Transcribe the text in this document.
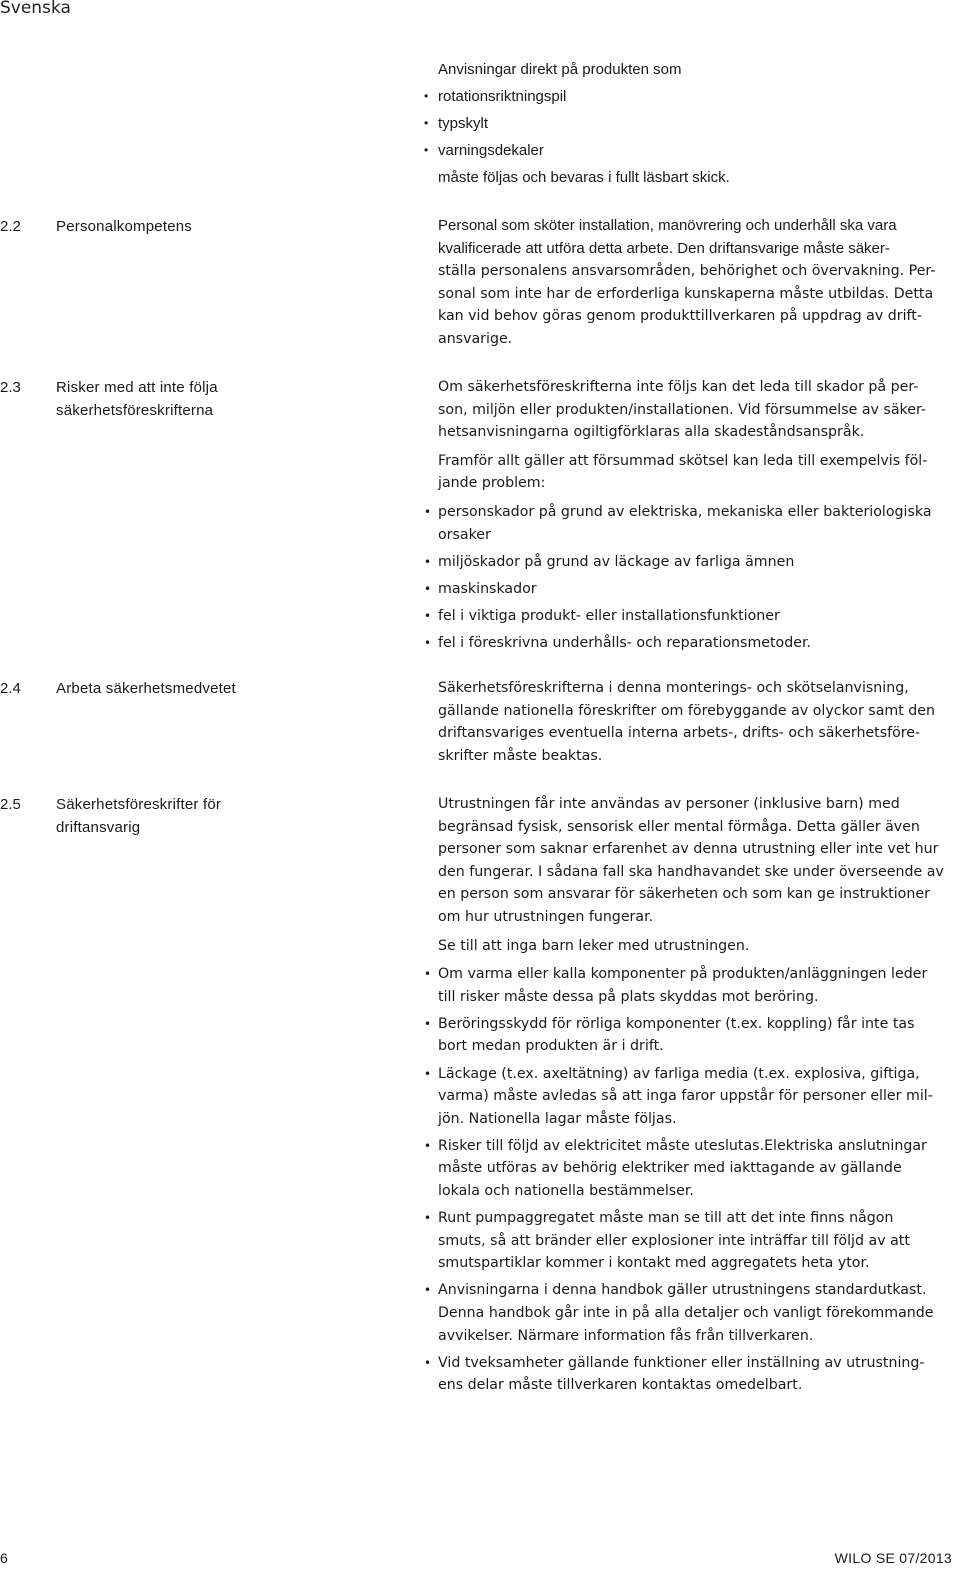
Svenska
Anvisningar direkt på produkten som
• rotationsriktningspil
• typskylt
• varningsdekaler
måste följas och bevaras i fullt läsbart skick.
2.2	Personalkompetens	Personal som sköter installation, manövrering och underhåll ska vara
kvalificerade att utföra detta arbete. Den driftansvarige måste säker-
ställa personalens ansvarsområden, behörighet och övervakning. Per-
sonal som inte har de erforderliga kunskaperna måste utbildas. Detta
kan vid behov göras genom produkttillverkaren på uppdrag av drift-
ansvarige.
2.3	Risker med att inte följa
säkerhetsföreskrifterna
Om säkerhetsföreskrifterna inte följs kan det leda till skador på per-
son, miljön eller produkten/installationen. Vid försummelse av säker-
hetsanvisningarna ogiltigförklaras alla skadeståndsanspråk.
Framför allt gäller att försummad skötsel kan leda till exempelvis föl-
jande problem:
• personskador på grund av elektriska, mekaniska eller bakteriologiska
orsaker
• miljöskador på grund av läckage av farliga ämnen
• maskinskador
• fel i viktiga produkt- eller installationsfunktioner
• fel i föreskrivna underhålls- och reparationsmetoder.
2.4	Arbeta säkerhetsmedvetet	Säkerhetsföreskrifterna i denna monterings- och skötselanvisning,
gällande nationella föreskrifter om förebyggande av olyckor samt den
driftansvariges eventuella interna arbets-, drifts- och säkerhetsföre-
skrifter måste beaktas.
2.5	Säkerhetsföreskrifter för
driftansvarig
Utrustningen får inte användas av personer (inklusive barn) med
begränsad fysisk, sensorisk eller mental förmåga. Detta gäller även
personer som saknar erfarenhet av denna utrustning eller inte vet hur
den fungerar. I sådana fall ska handhavandet ske under överseende av
en person som ansvarar för säkerheten och som kan ge instruktioner
om hur utrustningen fungerar.
Se till att inga barn leker med utrustningen.
• Om varma eller kalla komponenter på produkten/anläggningen leder
till risker måste dessa på plats skyddas mot beröring.
• Beröringsskydd för rörliga komponenter (t.ex. koppling) får inte tas
bort medan produkten är i drift.
• Läckage (t.ex. axeltätning) av farliga media (t.ex. explosiva, giftiga,
varma) måste avledas så att inga faror uppstår för personer eller mil-
jön. Nationella lagar måste följas.
• Risker till följd av elektricitet måste uteslutas.Elektriska anslutningar
måste utföras av behörig elektriker med iakttagande av gällande
lokala och nationella bestämmelser.
• Runt pumpaggregatet måste man se till att det inte finns någon
smuts, så att bränder eller explosioner inte inträffar till följd av att
smutspartiklar kommer i kontakt med aggregatets heta ytor.
• Anvisningarna i denna handbok gäller utrustningens standardutkast.
Denna handbok går inte in på alla detaljer och vanligt förekommande
avvikelser. Närmare information fås från tillverkaren.
• Vid tveksamheter gällande funktioner eller inställning av utrustning-
ens delar måste tillverkaren kontaktas omedelbart.
6	WILO SE 07/2013
